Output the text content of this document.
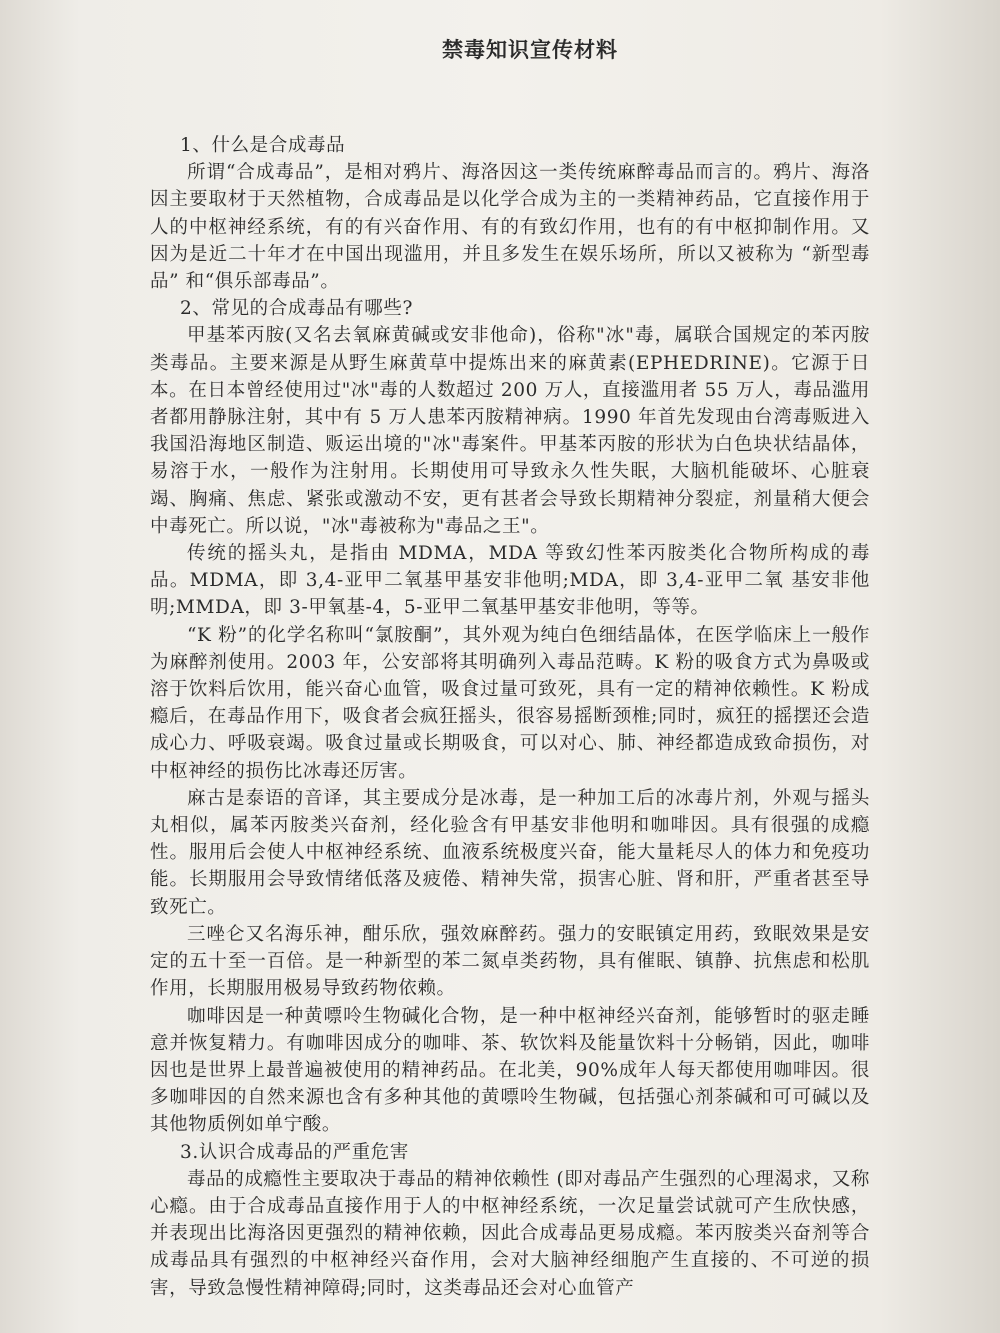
禁毒知识宣传材料

1、什么是合成毒品

所谓“合成毒品”，是相对鸦片、海洛因这一类传统麻醉毒品而言的。鸦片、海洛因主要取材于天然植物，合成毒品是以化学合成为主的一类精神药品，它直接作用于人的中枢神经系统，有的有兴奋作用、有的有致幻作用，也有的有中枢抑制作用。又因为是近二十年才在中国出现滥用，并且多发生在娱乐场所，所以又被称为 “新型毒品” 和“俱乐部毒品”。

2、常见的合成毒品有哪些?

甲基苯丙胺(又名去氧麻黄碱或安非他命)，俗称"冰"毒，属联合国规定的苯丙胺类毒品。主要来源是从野生麻黄草中提炼出来的麻黄素(EPHEDRINE)。它源于日本。在日本曾经使用过"冰"毒的人数超过 200 万人，直接滥用者 55 万人，毒品滥用者都用静脉注射，其中有 5 万人患苯丙胺精神病。1990 年首先发现由台湾毒贩进入我国沿海地区制造、贩运出境的"冰"毒案件。甲基苯丙胺的形状为白色块状结晶体，易溶于水，一般作为注射用。长期使用可导致永久性失眠，大脑机能破坏、心脏衰竭、胸痛、焦虑、紧张或激动不安，更有甚者会导致长期精神分裂症，剂量稍大便会中毒死亡。所以说，"冰"毒被称为"毒品之王"。

传统的摇头丸，是指由 MDMA，MDA 等致幻性苯丙胺类化合物所构成的毒品。MDMA，即 3,4-亚甲二氧基甲基安非他明;MDA，即 3,4-亚甲二氧 基安非他明;MMDA，即 3-甲氧基-4，5-亚甲二氧基甲基安非他明，等等。

“K 粉”的化学名称叫“氯胺酮”，其外观为纯白色细结晶体，在医学临床上一般作为麻醉剂使用。2003 年，公安部将其明确列入毒品范畴。K 粉的吸食方式为鼻吸或溶于饮料后饮用，能兴奋心血管，吸食过量可致死，具有一定的精神依赖性。K 粉成瘾后，在毒品作用下，吸食者会疯狂摇头，很容易摇断颈椎;同时，疯狂的摇摆还会造成心力、呼吸衰竭。吸食过量或长期吸食，可以对心、肺、神经都造成致命损伤，对中枢神经的损伤比冰毒还厉害。

麻古是泰语的音译，其主要成分是冰毒，是一种加工后的冰毒片剂，外观与摇头丸相似，属苯丙胺类兴奋剂，经化验含有甲基安非他明和咖啡因。具有很强的成瘾性。服用后会使人中枢神经系统、血液系统极度兴奋，能大量耗尽人的体力和免疫功能。长期服用会导致情绪低落及疲倦、精神失常，损害心脏、肾和肝，严重者甚至导致死亡。

三唑仑又名海乐神，酣乐欣，强效麻醉药。强力的安眠镇定用药，致眠效果是安定的五十至一百倍。是一种新型的苯二氮卓类药物，具有催眠、镇静、抗焦虑和松肌作用，长期服用极易导致药物依赖。

咖啡因是一种黄嘌呤生物碱化合物，是一种中枢神经兴奋剂，能够暂时的驱走睡意并恢复精力。有咖啡因成分的咖啡、茶、软饮料及能量饮料十分畅销，因此，咖啡因也是世界上最普遍被使用的精神药品。在北美，90%成年人每天都使用咖啡因。很多咖啡因的自然来源也含有多种其他的黄嘌呤生物碱，包括强心剂茶碱和可可碱以及其他物质例如单宁酸。

3.认识合成毒品的严重危害

毒品的成瘾性主要取决于毒品的精神依赖性 (即对毒品产生强烈的心理渴求，又称心瘾。由于合成毒品直接作用于人的中枢神经系统，一次足量尝试就可产生欣快感，并表现出比海洛因更强烈的精神依赖，因此合成毒品更易成瘾。苯丙胺类兴奋剂等合成毒品具有强烈的中枢神经兴奋作用，会对大脑神经细胞产生直接的、不可逆的损害，导致急慢性精神障碍;同时，这类毒品还会对心血管产
